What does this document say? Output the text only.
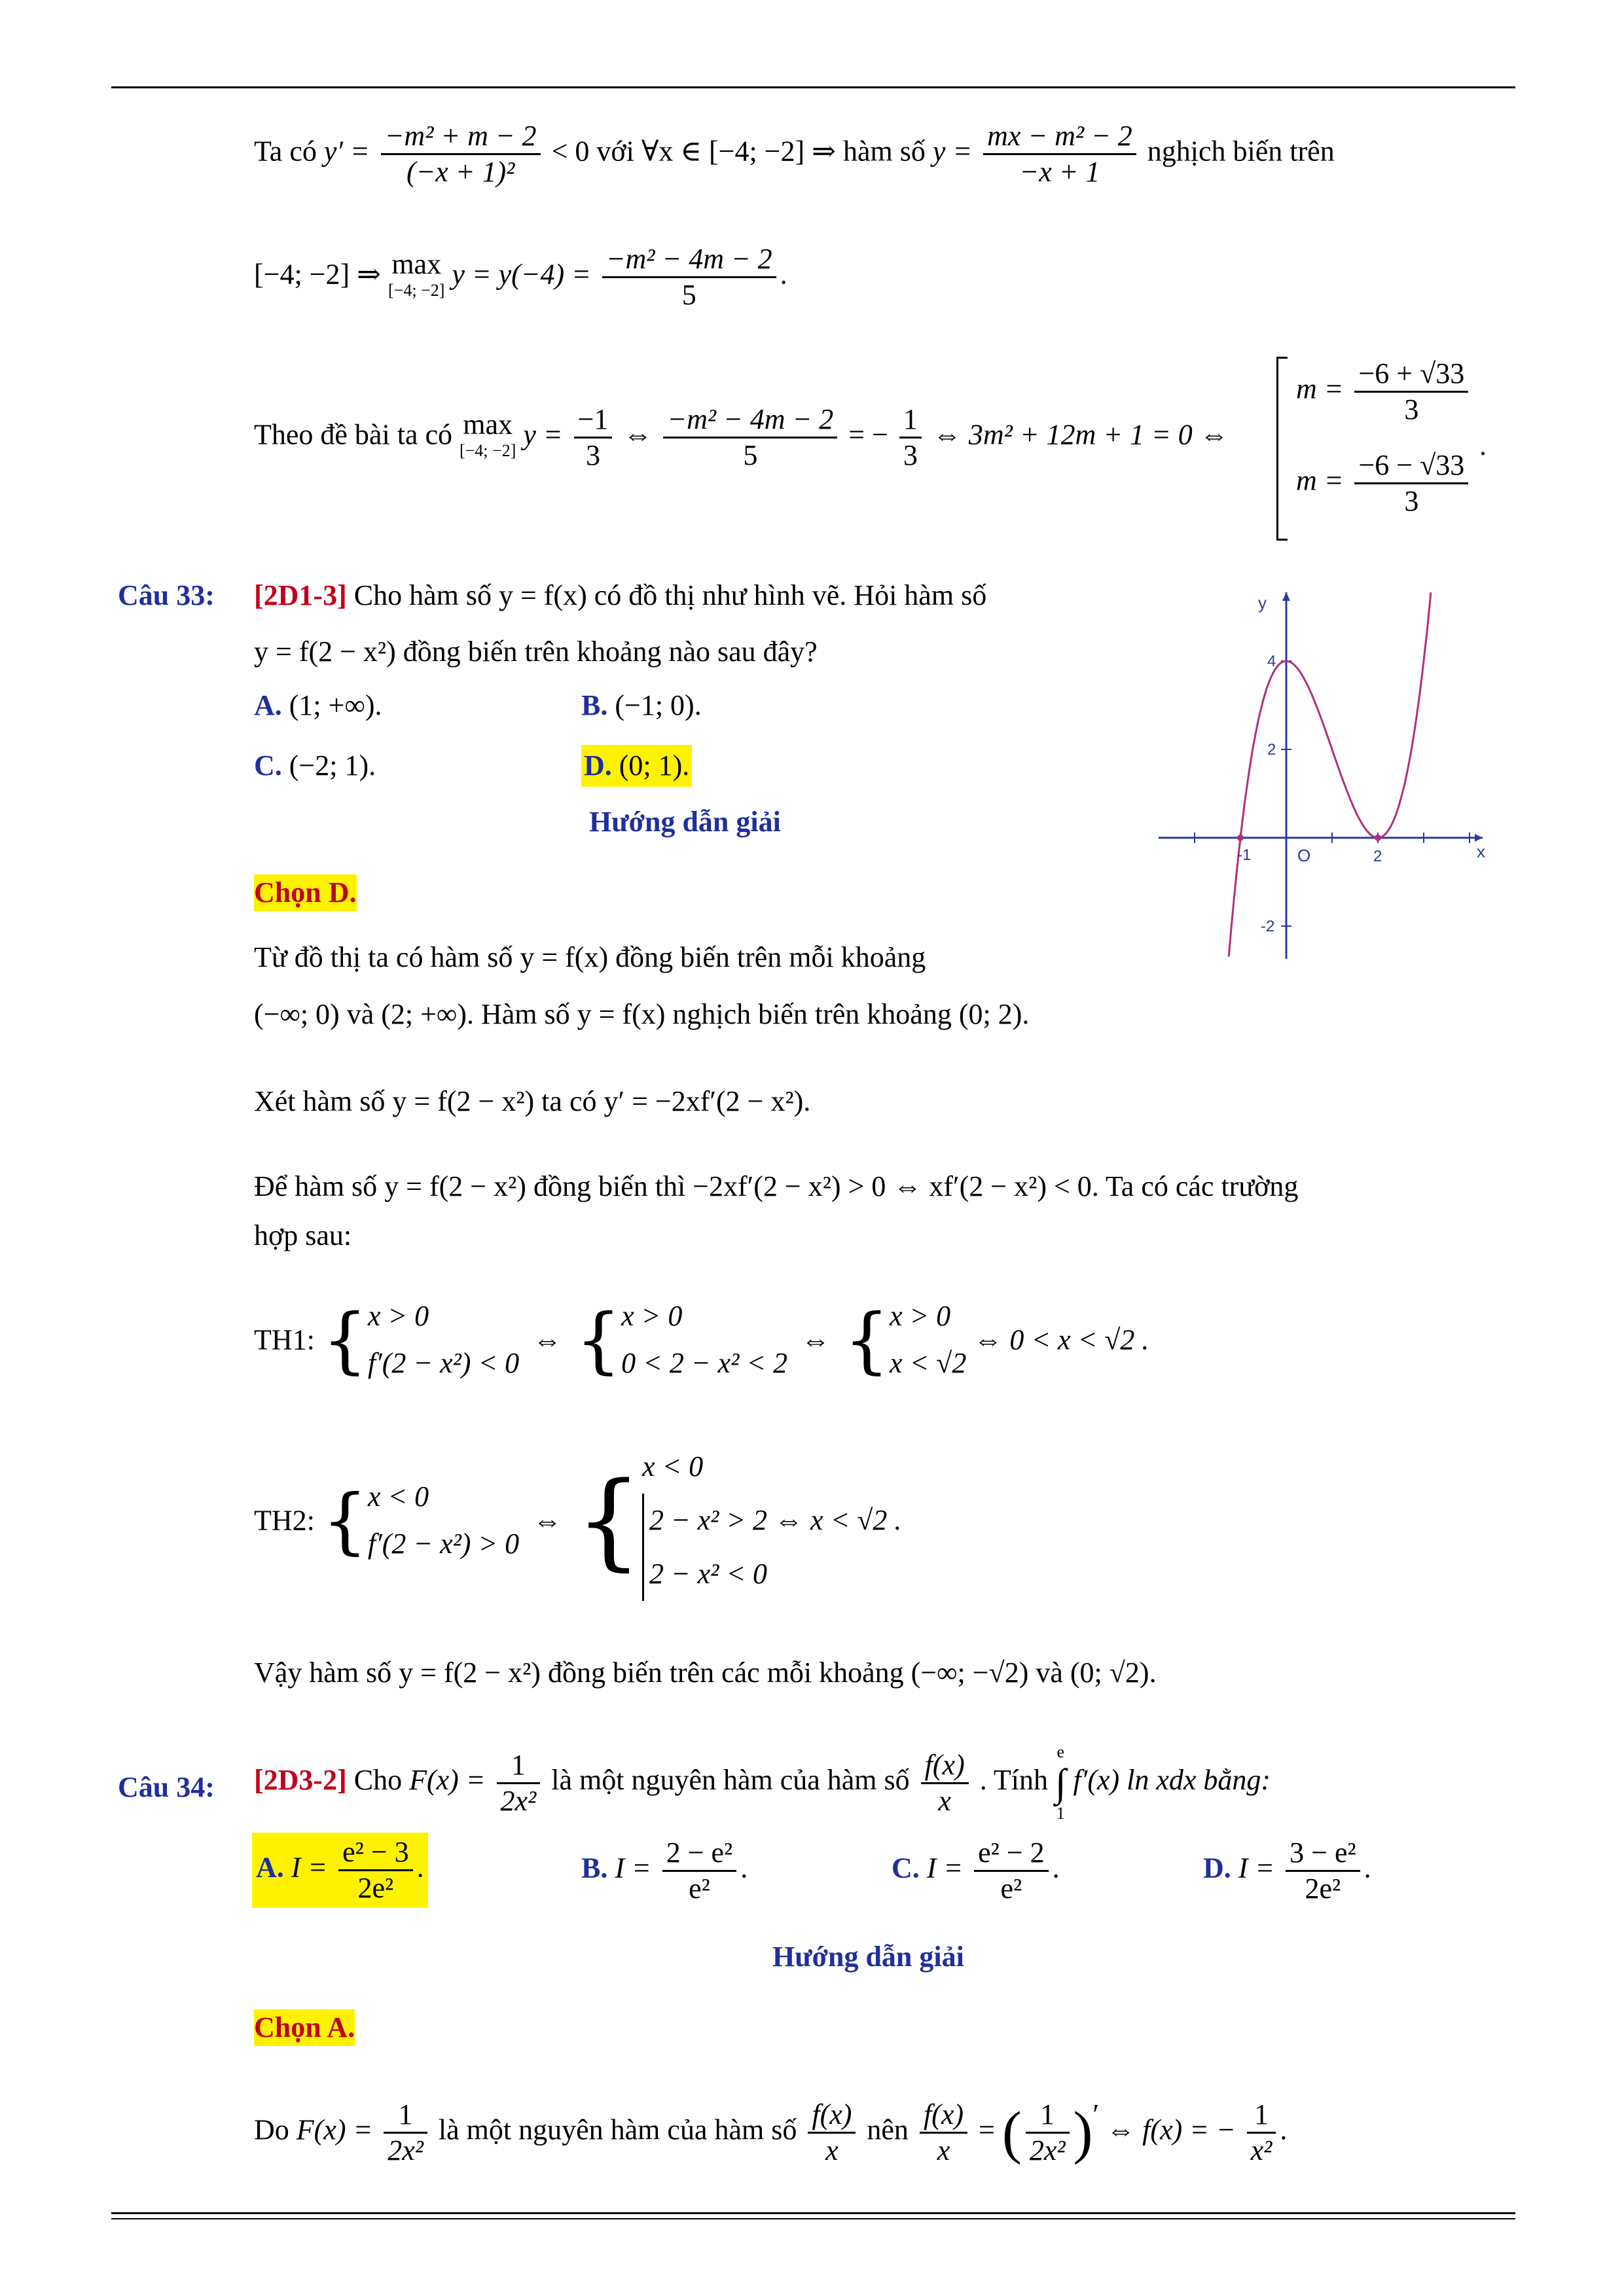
Ta có $y' = \frac{\text{−m² + m − 2}}{\text{(−x + 1)²}} < 0$ với ∀x ∈ [−4; −2] ⇒ hàm số $y = \frac{\text{mx − m² − 2}}{-x + 1}$ nghịch biến trên
[−4; −2] ⇒ max
[−4; −2] $y = y(-4) = \frac{\text{−m² − 4m − 2}}{5}$ .
Theo đề bài ta có max
[−4; −2] $y = \frac{-1}{3}$ ⇔ $\frac{\text{−m² − 4m − 2}}{5}$ = − $\frac{1}{3}$ ⇔ 3m² + 12m + 1 = 0 ⇔
$m = \frac{-6 + √33}{3}$
$m = \frac{-6 - √33}{3}$
.
Câu 33: [2D1-3] Cho hàm số y = f(x) có đồ thị như hình vẽ. Hỏi hàm số
y = f(2 − x²) đồng biến trên khoảng nào sau đây?
A. (1; +∞).	B. (−1; 0).
C. (−2; 1).	D. (0; 1).
Hướng dẫn giải
Chọn D.
y
x
O
-1	2
4
2
-2
Từ đồ thị ta có hàm số y = f(x) đồng biến trên mỗi khoảng
(−∞; 0) và (2; +∞). Hàm số y = f(x) nghịch biến trên khoảng (0; 2).
Xét hàm số y = f(2 − x²) ta có y′ = −2xf′(2 − x²).
Để hàm số y = f(2 − x²) đồng biến thì −2xf′(2 − x²) > 0 ⇔ xf′(2 − x²) < 0. Ta có các trường
hợp sau:
TH1: { x > 0
f′(2 − x²) < 0
⇔ { x > 0
0 < 2 − x² < 2
⇔ { x > 0
x < √2
⇔ 0 < x < √2 .
TH2: { x < 0
f′(2 − x²) > 0
⇔ { x < 0
2 − x² > 2 ⇔ x < √2 .
2 − x² < 0
Vậy hàm số y = f(2 − x²) đồng biến trên các mỗi khoảng (−∞; −√2) và (0; √2).
Câu 34: [2D3-2] Cho $F(x) = \frac{1}{\text{2x²}}$ là một nguyên hàm của hàm số $\frac{f(x)}{x}$ . Tính
e
∫
1
f′(x) ln xdx bằng:
A. $I = \frac{\text{e² − 3}}{\text{2e²}}$ .	B. $I = \frac{\text{2 − e²}}{\text{e²}}$ .	C. $I = \frac{\text{e² − 2}}{\text{e²}}$ .	D. $I = \frac{\text{3 − e²}}{\text{2e²}}$ .
Hướng dẫn giải
Chọn A.
Do $F(x) = \frac{1}{\text{2x²}}$ là một nguyên hàm của hàm số $\frac{f(x)}{x}$ nên $\frac{f(x)}{x}$ = ( $\frac{1}{\text{2x²}}$ )′ ⇔ f(x) = − $\frac{1}{\text{x²}}$ .
